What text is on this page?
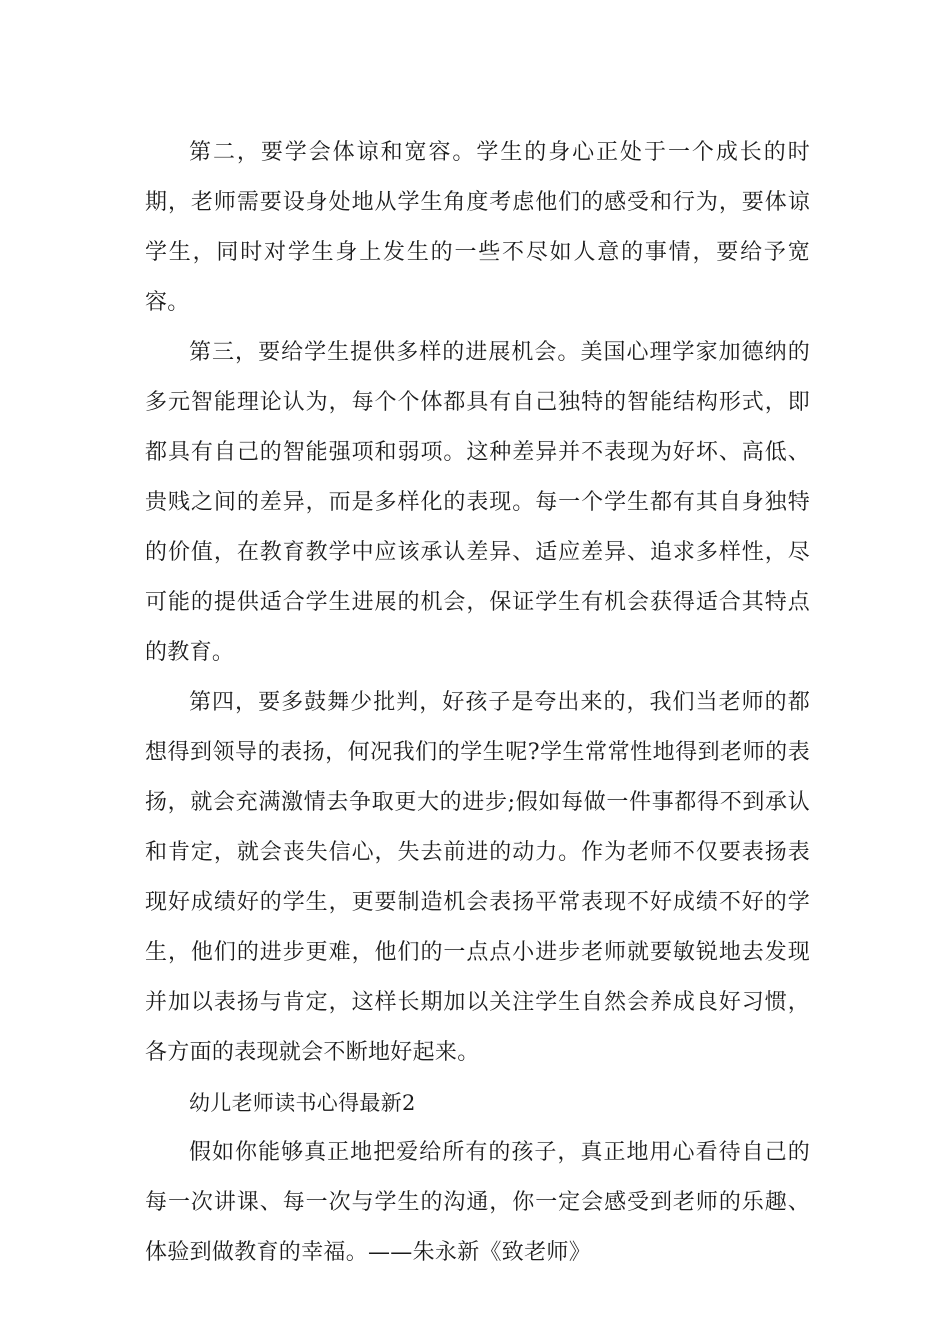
第二，要学会体谅和宽容。学生的身心正处于一个成长的时期，老师需要设身处地从学生角度考虑他们的感受和行为，要体谅学生，同时对学生身上发生的一些不尽如人意的事情，要给予宽容。

第三，要给学生提供多样的进展机会。美国心理学家加德纳的多元智能理论认为，每个个体都具有自己独特的智能结构形式，即都具有自己的智能强项和弱项。这种差异并不表现为好坏、高低、贵贱之间的差异，而是多样化的表现。每一个学生都有其自身独特的价值，在教育教学中应该承认差异、适应差异、追求多样性，尽可能的提供适合学生进展的机会，保证学生有机会获得适合其特点的教育。

第四，要多鼓舞少批判，好孩子是夸出来的，我们当老师的都想得到领导的表扬，何况我们的学生呢?学生常常性地得到老师的表扬，就会充满激情去争取更大的进步;假如每做一件事都得不到承认和肯定，就会丧失信心，失去前进的动力。作为老师不仅要表扬表现好成绩好的学生，更要制造机会表扬平常表现不好成绩不好的学生，他们的进步更难，他们的一点点小进步老师就要敏锐地去发现并加以表扬与肯定，这样长期加以关注学生自然会养成良好习惯，各方面的表现就会不断地好起来。

幼儿老师读书心得最新2

假如你能够真正地把爱给所有的孩子，真正地用心看待自己的每一次讲课、每一次与学生的沟通，你一定会感受到老师的乐趣、体验到做教育的幸福。——朱永新《致老师》
